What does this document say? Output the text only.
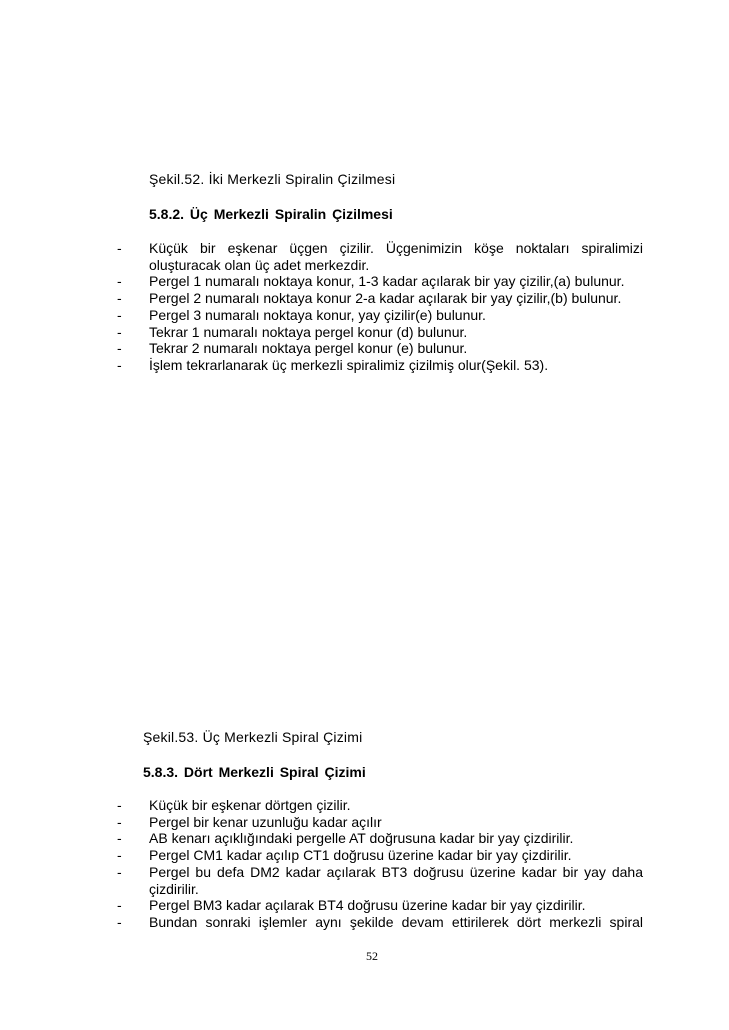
Şekil.52. İki Merkezli Spiralin Çizilmesi
5.8.2. Üç Merkezli Spiralin Çizilmesi
- Küçük bir eşkenar üçgen çizilir. Üçgenimizin köşe noktaları spiralimizi oluşturacak olan üç adet merkezdir.
- Pergel 1 numaralı noktaya konur, 1-3 kadar açılarak bir yay çizilir,(a) bulunur.
- Pergel 2 numaralı noktaya konur 2-a kadar açılarak bir yay çizilir,(b) bulunur.
- Pergel 3 numaralı noktaya konur, yay çizilir(e) bulunur.
- Tekrar 1 numaralı noktaya pergel konur (d) bulunur.
- Tekrar 2 numaralı noktaya pergel konur (e) bulunur.
- İşlem tekrarlanarak üç merkezli spiralimiz çizilmiş olur(Şekil. 53).
Şekil.53. Üç Merkezli Spiral Çizimi
5.8.3. Dört Merkezli Spiral Çizimi
- Küçük bir eşkenar dörtgen çizilir.
- Pergel bir kenar uzunluğu kadar açılır
- AB kenarı açıklığındaki pergelle AT doğrusuna kadar bir yay çizdirilir.
- Pergel CM1 kadar açılıp CT1 doğrusu üzerine kadar bir yay çizdirilir.
- Pergel bu defa DM2 kadar açılarak BT3 doğrusu üzerine kadar bir yay daha çizdirilir.
- Pergel BM3 kadar açılarak BT4 doğrusu üzerine kadar bir yay çizdirilir.
- Bundan sonraki işlemler aynı şekilde devam ettirilerek dört merkezli spiral
52
